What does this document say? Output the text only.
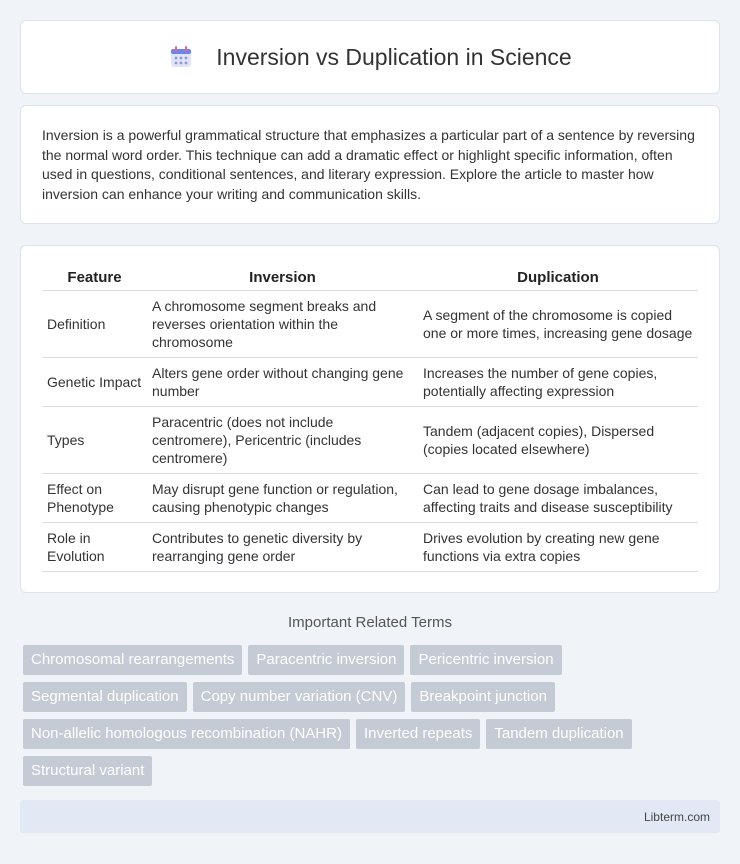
Inversion vs Duplication in Science

Inversion is a powerful grammatical structure that emphasizes a particular part of a sentence by reversing the normal word order. This technique can add a dramatic effect or highlight specific information, often used in questions, conditional sentences, and literary expression. Explore the article to master how inversion can enhance your writing and communication skills.

Feature	Inversion	Duplication
Definition	A chromosome segment breaks and reverses orientation within the chromosome	A segment of the chromosome is copied one or more times, increasing gene dosage
Genetic Impact	Alters gene order without changing gene number	Increases the number of gene copies, potentially affecting expression
Types	Paracentric (does not include centromere), Pericentric (includes centromere)	Tandem (adjacent copies), Dispersed (copies located elsewhere)
Effect on Phenotype	May disrupt gene function or regulation, causing phenotypic changes	Can lead to gene dosage imbalances, affecting traits and disease susceptibility
Role in Evolution	Contributes to genetic diversity by rearranging gene order	Drives evolution by creating new gene functions via extra copies
Important Related Terms
Chromosomal rearrangements	Paracentric inversion	Pericentric inversion
Segmental duplication	Copy number variation (CNV)	Breakpoint junction
Non-allelic homologous recombination (NAHR)	Inverted repeats	Tandem duplication
Structural variant
Libterm.com
